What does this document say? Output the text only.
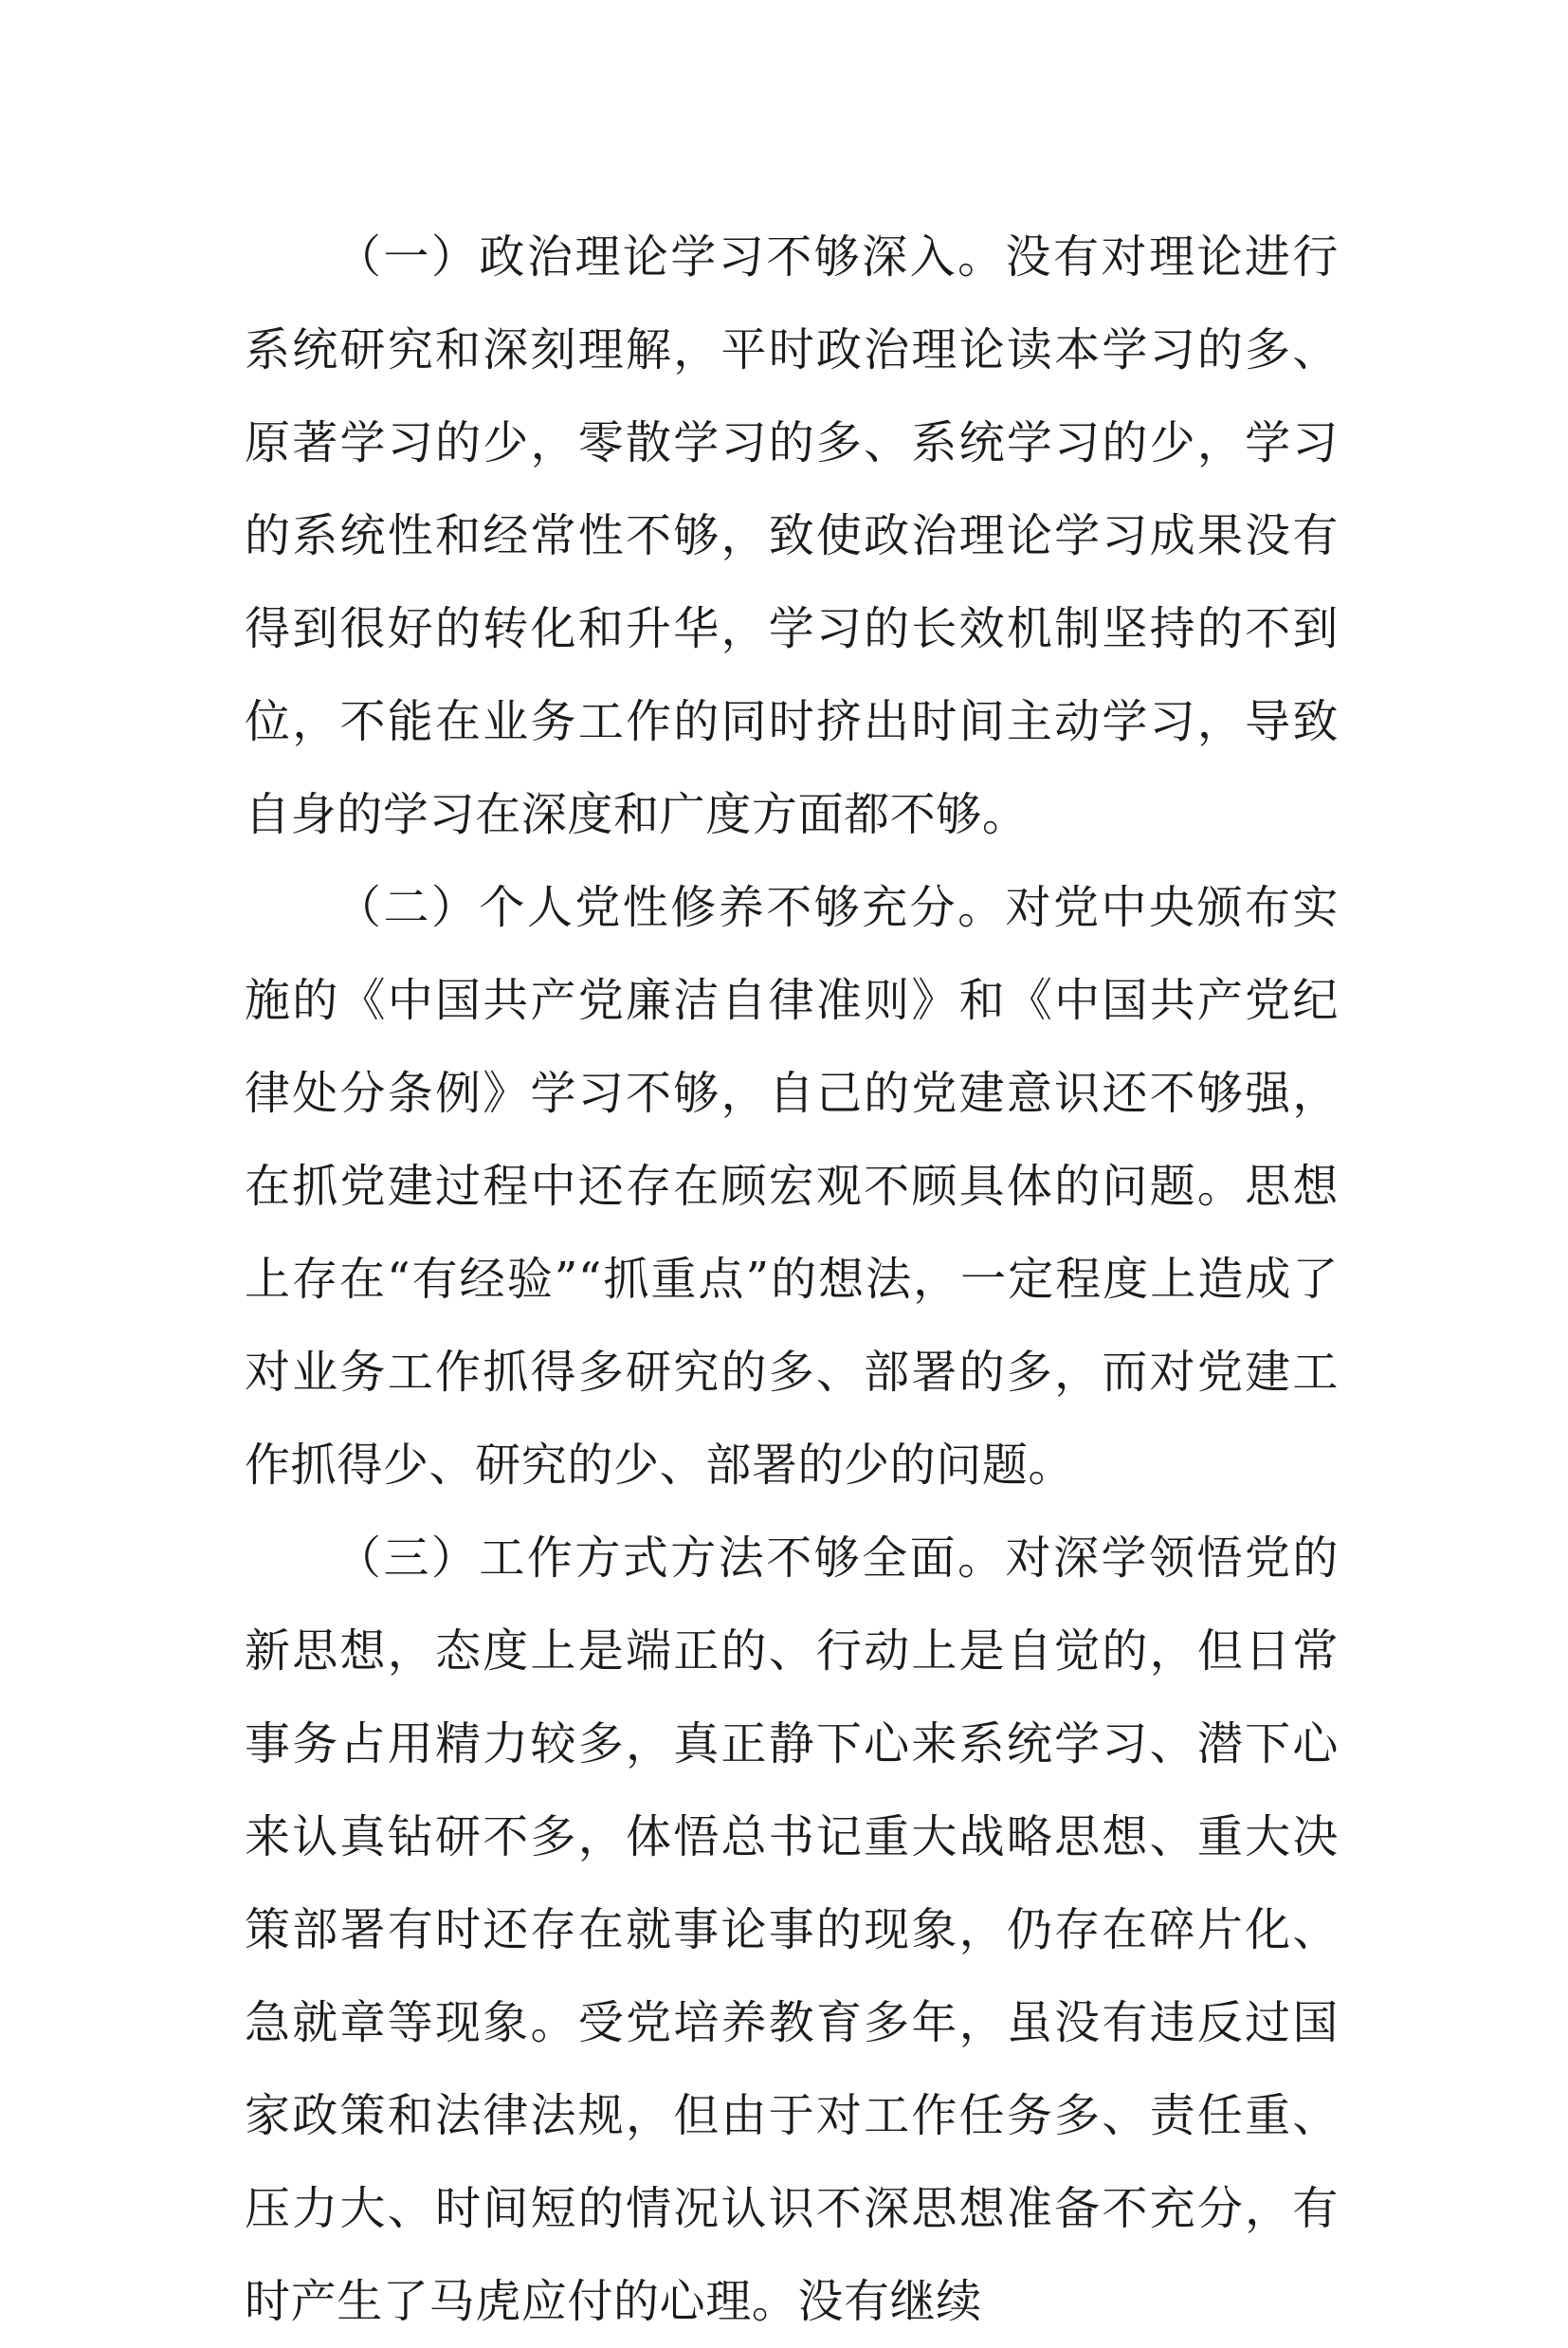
（一）政治理论学习不够深入。没有对理论进行系统研究和深刻理解，平时政治理论读本学习的多、原著学习的少，零散学习的多、系统学习的少，学习的系统性和经常性不够，致使政治理论学习成果没有得到很好的转化和升华，学习的长效机制坚持的不到位，不能在业务工作的同时挤出时间主动学习，导致自身的学习在深度和广度方面都不够。

（二）个人党性修养不够充分。对党中央颁布实施的《中国共产党廉洁自律准则》和《中国共产党纪律处分条例》学习不够，自己的党建意识还不够强，在抓党建过程中还存在顾宏观不顾具体的问题。思想上存在“有经验”“抓重点”的想法，一定程度上造成了对业务工作抓得多研究的多、部署的多，而对党建工作抓得少、研究的少、部署的少的问题。

（三）工作方式方法不够全面。对深学领悟党的新思想，态度上是端正的、行动上是自觉的，但日常事务占用精力较多，真正静下心来系统学习、潜下心来认真钻研不多，体悟总书记重大战略思想、重大决策部署有时还存在就事论事的现象，仍存在碎片化、急就章等现象。受党培养教育多年，虽没有违反过国家政策和法律法规，但由于对工作任务多、责任重、压力大、时间短的情况认识不深思想准备不充分，有时产生了马虎应付的心理。没有继续
